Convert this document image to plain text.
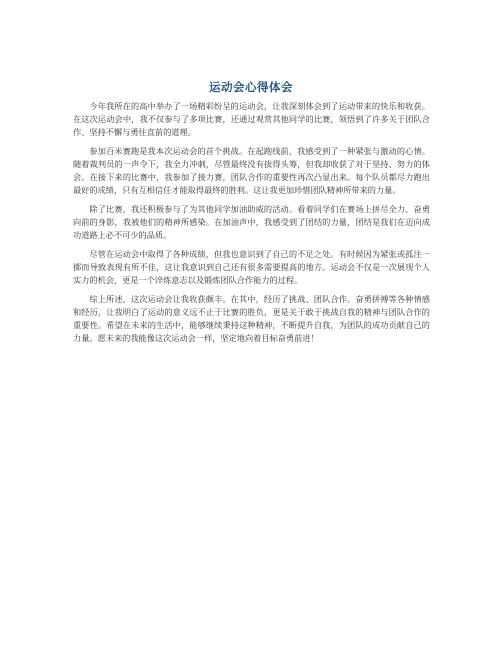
运动会心得体会

今年我所在的高中举办了一场精彩纷呈的运动会，让我深刻体会到了运动带来的快乐和收获。在这次运动会中，我不仅参与了多项比赛，还通过观赏其他同学的比赛，领悟到了许多关于团队合作、坚持不懈与勇往直前的道理。

参加百米赛跑是我本次运动会的首个挑战。在起跑线前，我感受到了一种紧张与激动的心情。随着裁判员的一声令下，我全力冲刺，尽管最终没有拔得头筹，但我却收获了对于坚持、努力的体会。在接下来的比赛中，我参加了接力赛，团队合作的重要性再次凸显出来。每个队员都尽力跑出最好的成绩，只有互相信任才能取得最终的胜利。这让我更加珍惜团队精神所带来的力量。

除了比赛，我还积极参与了为其他同学加油助威的活动。看着同学们在赛场上拼尽全力、奋勇向前的身影，我被他们的精神所感染。在加油声中，我感受到了团结的力量，团结是我们在迈向成功道路上必不可少的品质。

尽管在运动会中取得了各种成绩，但我也意识到了自己的不足之处。有时候因为紧张或孤注一掷而导致表现有所不佳，这让我意识到自己还有很多需要提高的地方。运动会不仅是一次展现个人实力的机会，更是一个淬炼意志以及锻炼团队合作能力的过程。

综上所述，这次运动会让我收获颇丰。在其中，经历了挑战、团队合作、奋勇拼搏等各种情感和经历，让我明白了运动的意义远不止于比赛的胜负，更是关于敢于挑战自我的精神与团队合作的重要性。希望在未来的生活中，能够继续秉持这种精神，不断提升自我，为团队的成功贡献自己的力量。愿未来的我能像这次运动会一样，坚定地向着目标奋勇前进！
